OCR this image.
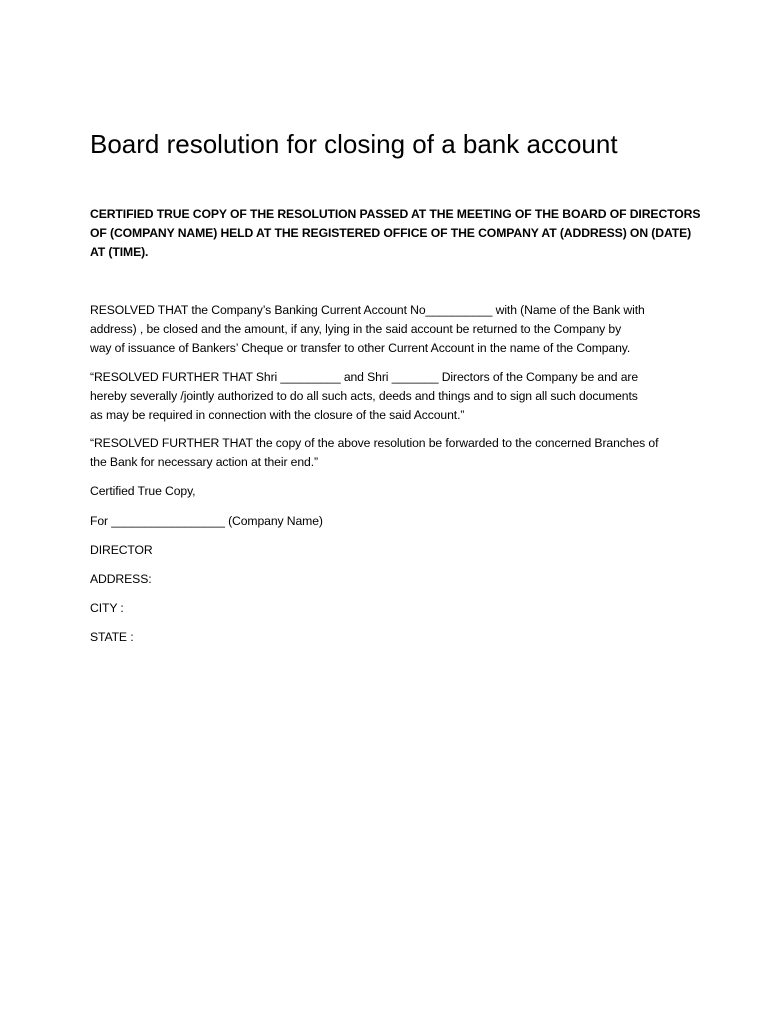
Board resolution for closing of a bank account

CERTIFIED TRUE COPY OF THE RESOLUTION PASSED AT THE MEETING OF THE BOARD OF DIRECTORS
OF (COMPANY NAME) HELD AT THE REGISTERED OFFICE OF THE COMPANY AT (ADDRESS) ON (DATE)
AT (TIME).

RESOLVED THAT the Company’s Banking Current Account No__________ with (Name of the Bank with
address) , be closed and the amount, if any, lying in the said account be returned to the Company by
way of issuance of Bankers’ Cheque or transfer to other Current Account in the name of the Company.

“RESOLVED FURTHER THAT Shri _________ and Shri _______ Directors of the Company be and are
hereby severally /jointly authorized to do all such acts, deeds and things and to sign all such documents
as may be required in connection with the closure of the said Account.”

“RESOLVED FURTHER THAT the copy of the above resolution be forwarded to the concerned Branches of
the Bank for necessary action at their end.”

Certified True Copy,

For _________________ (Company Name)

DIRECTOR

ADDRESS:

CITY :

STATE :
